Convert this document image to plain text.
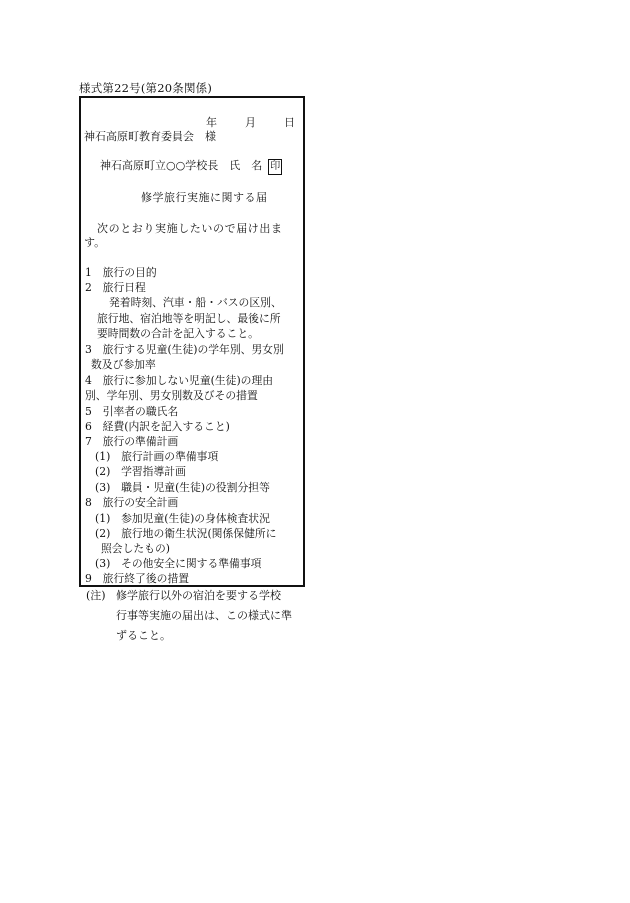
様式第22号(第20条関係)
年	月	日
神石高原町教育委員会　様
神石高原町立○○学校長　氏　名 印
修学旅行実施に関する届
次のとおり実施したいので届け出ま
す。
1　旅行の目的
2　旅行日程
発着時刻、汽車・船・バスの区別、
旅行地、宿泊地等を明記し、最後に所
要時間数の合計を記入すること。
3　旅行する児童(生徒)の学年別、男女別
数及び参加率
4　旅行に参加しない児童(生徒)の理由
別、学年別、男女別数及びその措置
5　引率者の職氏名
6　経費(内訳を記入すること)
7　旅行の準備計画
(1)　旅行計画の準備事項
(2)　学習指導計画
(3)　職員・児童(生徒)の役割分担等
8　旅行の安全計画
(1)　参加児童(生徒)の身体検査状況
(2)　旅行地の衛生状況(関係保健所に
照会したもの)
(3)　その他安全に関する準備事項
9　旅行終了後の措置
(注) 修学旅行以外の宿泊を要する学校
行事等実施の届出は、この様式に準
ずること。
